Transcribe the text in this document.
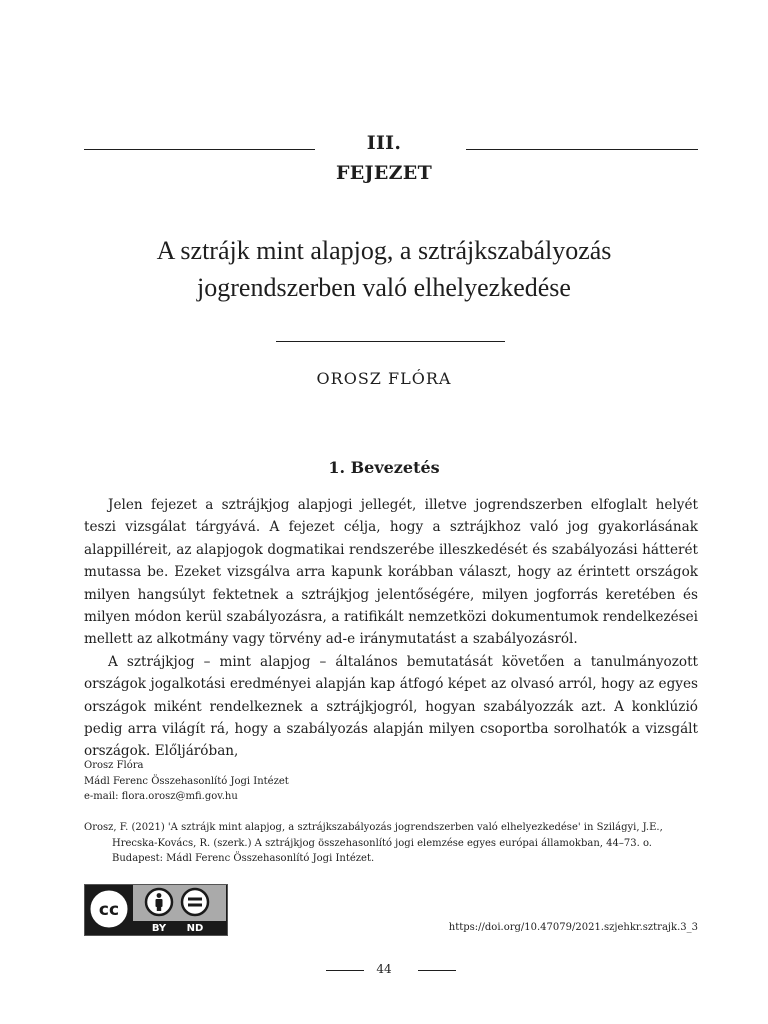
III.
FEJEZET
A sztrájk mint alapjog, a sztrájkszabályozás
jogrendszerben való elhelyezkedése
OROSZ FLÓRA
1. Bevezetés

Jelen fejezet a sztrájkjog alapjogi jellegét, illetve jogrendszerben elfoglalt helyét teszi vizsgálat tárgyává. A fejezet célja, hogy a sztrájkhoz való jog gyakorlásának alappilléreit, az alapjogok dogmatikai rendszerébe illeszkedését és szabályozási hátterét mutassa be. Ezeket vizsgálva arra kapunk korábban választ, hogy az érintett országok milyen hangsúlyt fektetnek a sztrájkjog jelentőségére, milyen jogforrás keretében és milyen módon kerül szabályozásra, a ratifikált nemzetközi dokumentumok rendelkezései mellett az alkotmány vagy törvény ad-e iránymutatást a szabályozásról.

A sztrájkjog – mint alapjog – általános bemutatását követően a tanulmányozott országok jogalkotási eredményei alapján kap átfogó képet az olvasó arról, hogy az egyes országok miként rendelkeznek a sztrájkjogról, hogyan szabályozzák azt. A konklúzió pedig arra világít rá, hogy a szabályozás alapján milyen csoportba sorolhatók a vizsgált országok. Előljáróban,

Orosz Flóra
Mádl Ferenc Összehasonlító Jogi Intézet
e-mail: flora.orosz@mfi.gov.hu
Orosz, F. (2021) 'A sztrájk mint alapjog, a sztrájkszabályozás jogrendszerben való elhelyezkedése' in Szilágyi, J.E.,
Hrecska-Kovács, R. (szerk.) A sztrájkjog összehasonlító jogi elemzése egyes európai államokban, 44–73. o.
Budapest: Mádl Ferenc Összehasonlító Jogi Intézet.
cc
BY ND	https://doi.org/10.47079/2021.szjehkr.sztrajk.3_3
44
